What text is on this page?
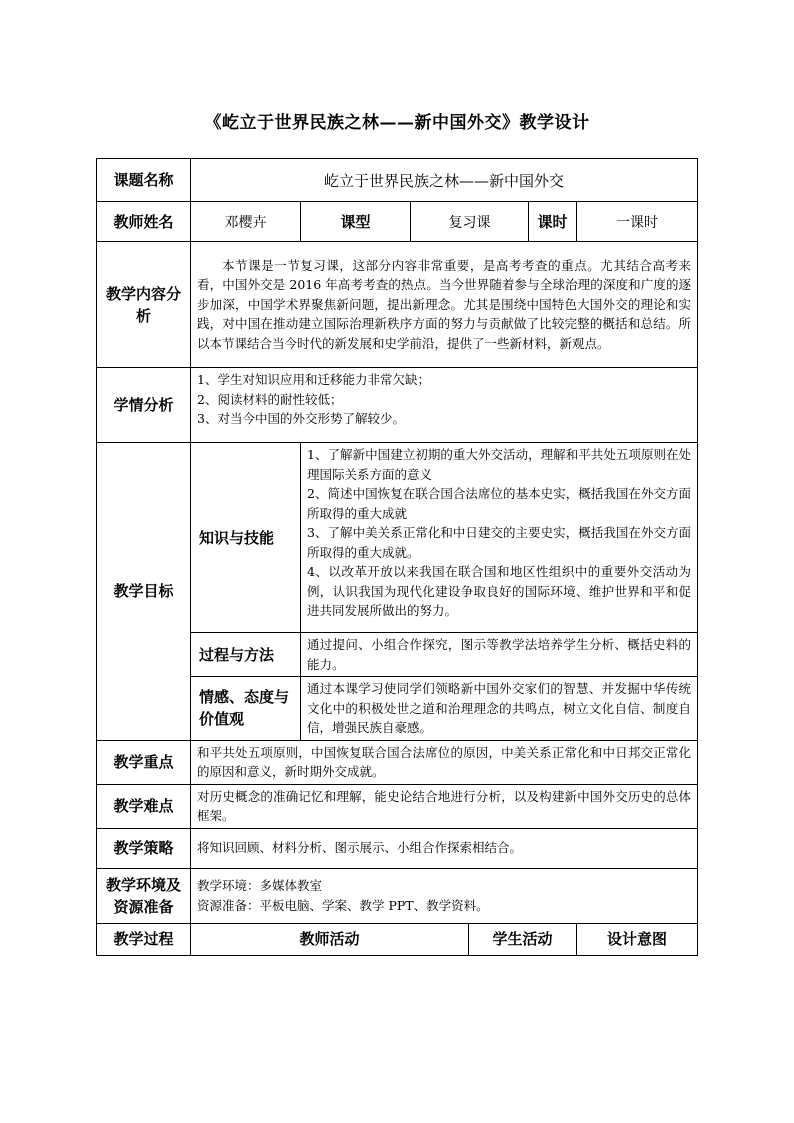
《屹立于世界民族之林——新中国外交》教学设计
课题名称	屹立于世界民族之林——新中国外交					
教师姓名	邓樱卉	课型	复习课		课时	一课时
教学内容分析	本节课是一节复习课，这部分内容非常重要，是高考考查的重点。尤其结合高考来看，中国外交是 2016 年高考考查的热点。当今世界随着参与全球治理的深度和广度的逐步加深，中国学术界聚焦新问题，提出新理念。尤其是围绕中国特色大国外交的理论和实践，对中国在推动建立国际治理新秩序方面的努力与贡献做了比较完整的概括和总结。所以本节课结合当今时代的新发展和史学前沿，提供了一些新材料，新观点。					
学情分析	1、学生对知识应用和迁移能力非常欠缺；
2、阅读材料的耐性较低；
3、对当今中国的外交形势了解较少。					

教学目标	知识与技能	1、了解新中国建立初期的重大外交活动，理解和平共处五项原则在处理国际关系方面的意义
2、简述中国恢复在联合国合法席位的基本史实，概括我国在外交方面所取得的重大成就
3、了解中美关系正常化和中日建交的主要史实，概括我国在外交方面所取得的重大成就。
4、以改革开放以来我国在联合国和地区性组织中的重要外交活动为例，认识我国为现代化建设争取良好的国际环境、维护世界和平和促进共同发展所做出的努力。				

	过程与方法	通过提问、小组合作探究，图示等教学法培养学生分析、概括史料的能力。				
	情感、态度与价值观	通过本课学习使同学们领略新中国外交家们的智慧、并发掘中华传统文化中的积极处世之道和治理理念的共鸣点，树立文化自信、制度自信，增强民族自豪感。				
教学重点	和平共处五项原则，中国恢复联合国合法席位的原因，中美关系正常化和中日邦交正常化的原因和意义，新时期外交成就。					
教学难点	对历史概念的准确记忆和理解，能史论结合地进行分析，以及构建新中国外交历史的总体框架。					
教学策略	将知识回顾、材料分析、图示展示、小组合作探索相结合。					
教学环境及资源准备	教学环境：多媒体教室
资源准备：平板电脑、学案、教学 PPT、教学资料。					

教学过程	教师活动			学生活动		设计意图
